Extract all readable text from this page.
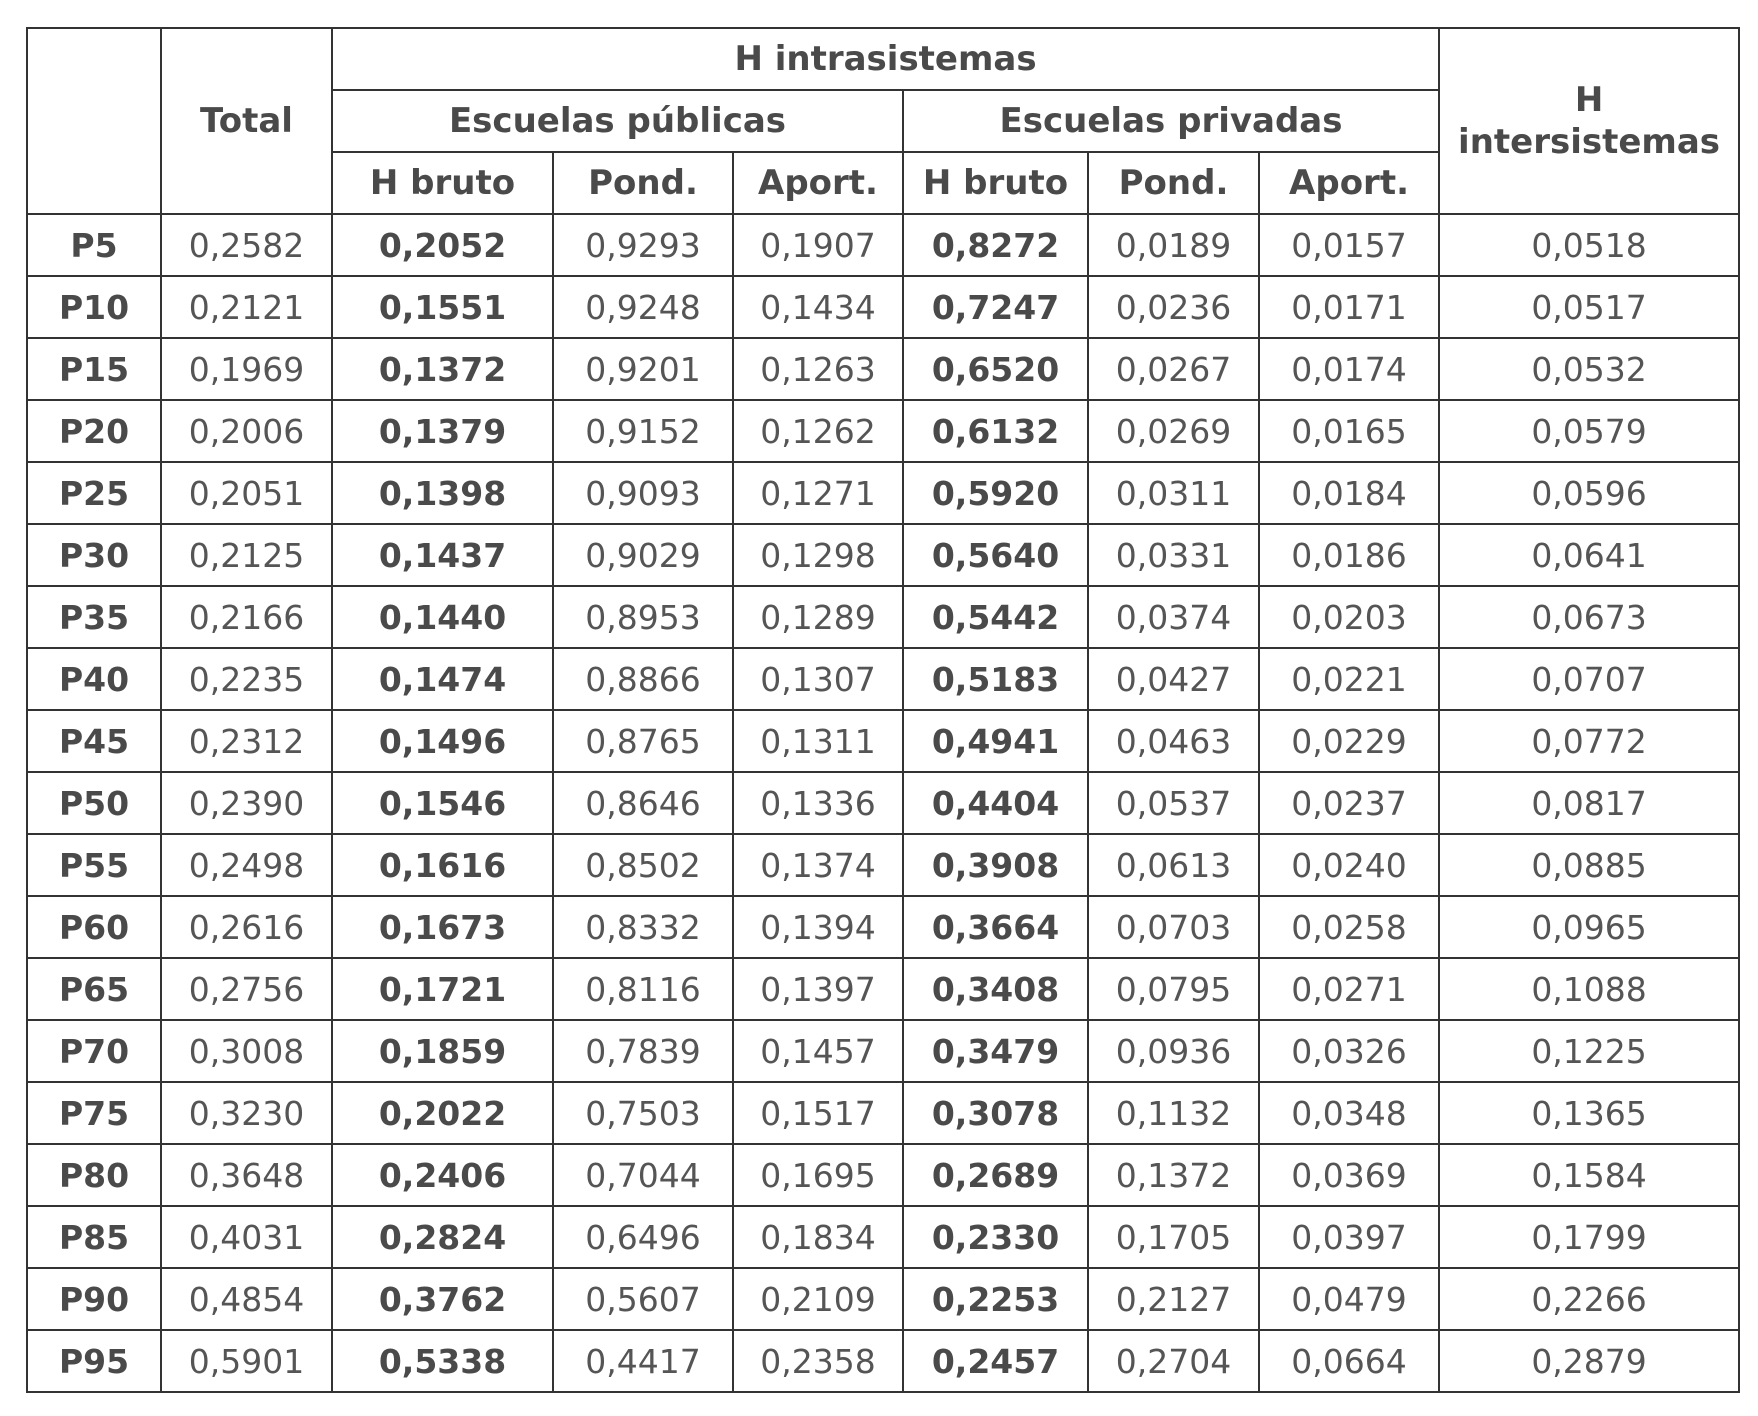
	Total	H intrasistemas						H intersistemas
		Escuelas públicas			Escuelas privadas			
		H bruto	Pond.	Aport.	H bruto	Pond.	Aport.	
P5	0,2582	0,2052	0,9293	0,1907	0,8272	0,0189	0,0157	0,0518
P10	0,2121	0,1551	0,9248	0,1434	0,7247	0,0236	0,0171	0,0517
P15	0,1969	0,1372	0,9201	0,1263	0,6520	0,0267	0,0174	0,0532
P20	0,2006	0,1379	0,9152	0,1262	0,6132	0,0269	0,0165	0,0579
P25	0,2051	0,1398	0,9093	0,1271	0,5920	0,0311	0,0184	0,0596
P30	0,2125	0,1437	0,9029	0,1298	0,5640	0,0331	0,0186	0,0641
P35	0,2166	0,1440	0,8953	0,1289	0,5442	0,0374	0,0203	0,0673
P40	0,2235	0,1474	0,8866	0,1307	0,5183	0,0427	0,0221	0,0707
P45	0,2312	0,1496	0,8765	0,1311	0,4941	0,0463	0,0229	0,0772
P50	0,2390	0,1546	0,8646	0,1336	0,4404	0,0537	0,0237	0,0817
P55	0,2498	0,1616	0,8502	0,1374	0,3908	0,0613	0,0240	0,0885
P60	0,2616	0,1673	0,8332	0,1394	0,3664	0,0703	0,0258	0,0965
P65	0,2756	0,1721	0,8116	0,1397	0,3408	0,0795	0,0271	0,1088
P70	0,3008	0,1859	0,7839	0,1457	0,3479	0,0936	0,0326	0,1225
P75	0,3230	0,2022	0,7503	0,1517	0,3078	0,1132	0,0348	0,1365
P80	0,3648	0,2406	0,7044	0,1695	0,2689	0,1372	0,0369	0,1584
P85	0,4031	0,2824	0,6496	0,1834	0,2330	0,1705	0,0397	0,1799
P90	0,4854	0,3762	0,5607	0,2109	0,2253	0,2127	0,0479	0,2266
P95	0,5901	0,5338	0,4417	0,2358	0,2457	0,2704	0,0664	0,2879
